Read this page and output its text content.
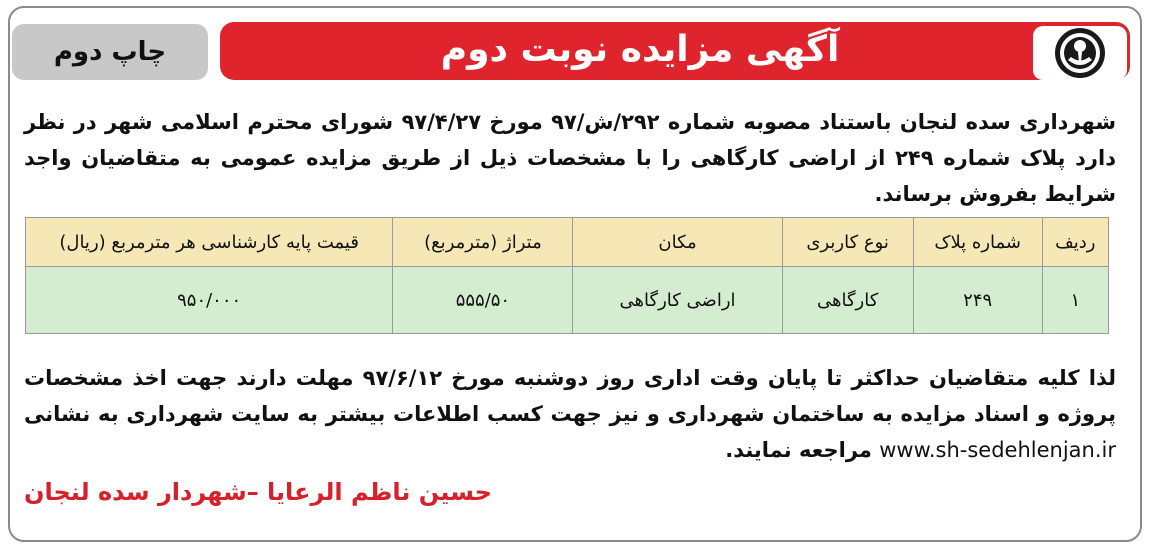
آگهی مزایده نوبت دوم
چاپ دوم
شهرداری سده لنجان باستناد مصوبه شماره ۲۹۲/ش/۹۷ مورخ ۹۷/۴/۲۷ شورای محترم اسلامی شهر در نظر دارد پلاک شماره ۲۴۹ از اراضی کارگاهی را با مشخصات ذیل از طریق مزایده عمومی به متقاضیان واجد شرایط بفروش برساند.
ردیف	شماره پلاک	نوع کاربری	مکان	متراژ (مترمربع)	قیمت پایه کارشناسی هر مترمربع (ریال)
۱	۲۴۹	کارگاهی	اراضی کارگاهی	۵۵۵/۵۰	۹۵۰/۰۰۰
لذا کلیه متقاضیان حداکثر تا پایان وقت اداری روز دوشنبه مورخ ۹۷/۶/۱۲ مهلت دارند جهت اخذ مشخصات پروژه و اسناد مزایده به ساختمان شهرداری و نیز جهت کسب اطلاعات بیشتر به سایت شهرداری به نشانی www.sh-sedehlenjan.ir مراجعه نمایند.
حسین ناظم الرعایا –شهردار سده لنجان
